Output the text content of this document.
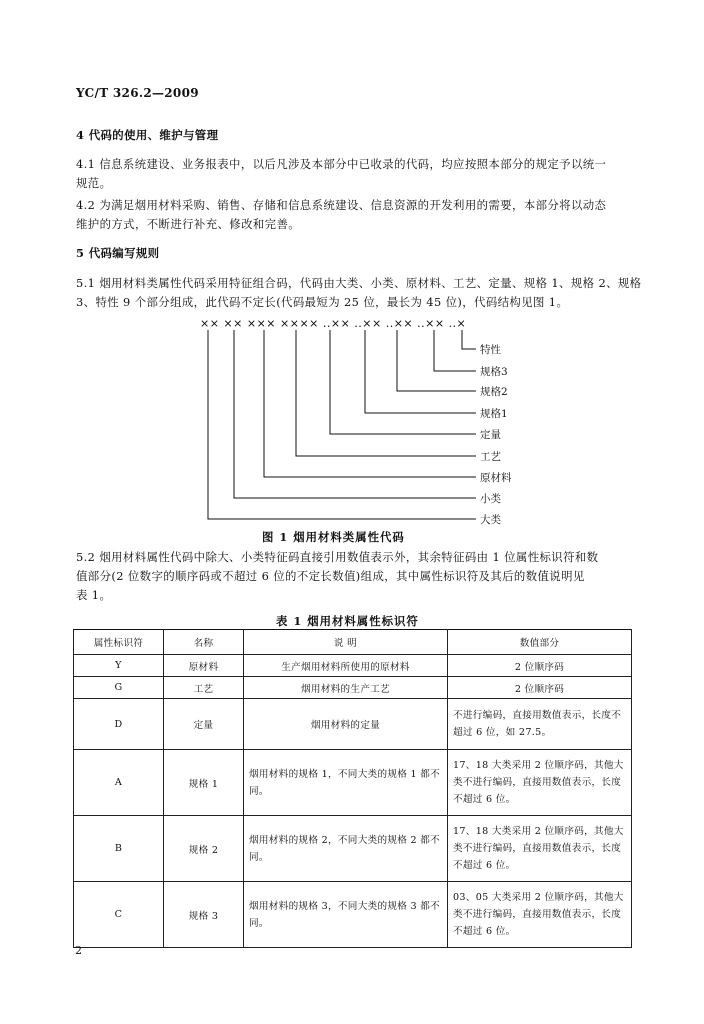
YC/T 326.2—2009
4 代码的使用、维护与管理
4.1 信息系统建设、业务报表中，以后凡涉及本部分中已收录的代码，均应按照本部分的规定予以统一
规范。
4.2 为满足烟用材料采购、销售、存储和信息系统建设、信息资源的开发利用的需要，本部分将以动态
维护的方式，不断进行补充、修改和完善。
5 代码编写规则
5.1 烟用材料类属性代码采用特征组合码，代码由大类、小类、原材料、工艺、定量、规格 1、规格 2、规格
3、特性 9 个部分组成，此代码不定长(代码最短为 25 位，最长为 45 位)，代码结构见图 1。
×× ×× ××× ×××× ..×× ..×× ..×× ..×× ..×
特性
规格3
规格2
规格1
定量
工艺
原材料
小类
大类
图 1 烟用材料类属性代码
5.2 烟用材料属性代码中除大、小类特征码直接引用数值表示外，其余特征码由 1 位属性标识符和数
值部分(2 位数字的顺序码或不超过 6 位的不定长数值)组成，其中属性标识符及其后的数值说明见
表 1。
表 1 烟用材料属性标识符
属性标识符	名称	说 明	数值部分
Y	原材料	生产烟用材料所使用的原材料	2 位顺序码
G	工艺	烟用材料的生产工艺	2 位顺序码
D	定量	烟用材料的定量	不进行编码，直接用数值表示，长度不超过 6 位，如 27.5。
A	规格 1	烟用材料的规格 1，不同大类的规格 1 都不同。	17、18 大类采用 2 位顺序码，其他大类不进行编码，直接用数值表示，长度不超过 6 位。
B	规格 2	烟用材料的规格 2，不同大类的规格 2 都不同。	17、18 大类采用 2 位顺序码，其他大类不进行编码，直接用数值表示，长度不超过 6 位。
C	规格 3	烟用材料的规格 3，不同大类的规格 3 都不同。	03、05 大类采用 2 位顺序码，其他大类不进行编码，直接用数值表示，长度不超过 6 位。
2
